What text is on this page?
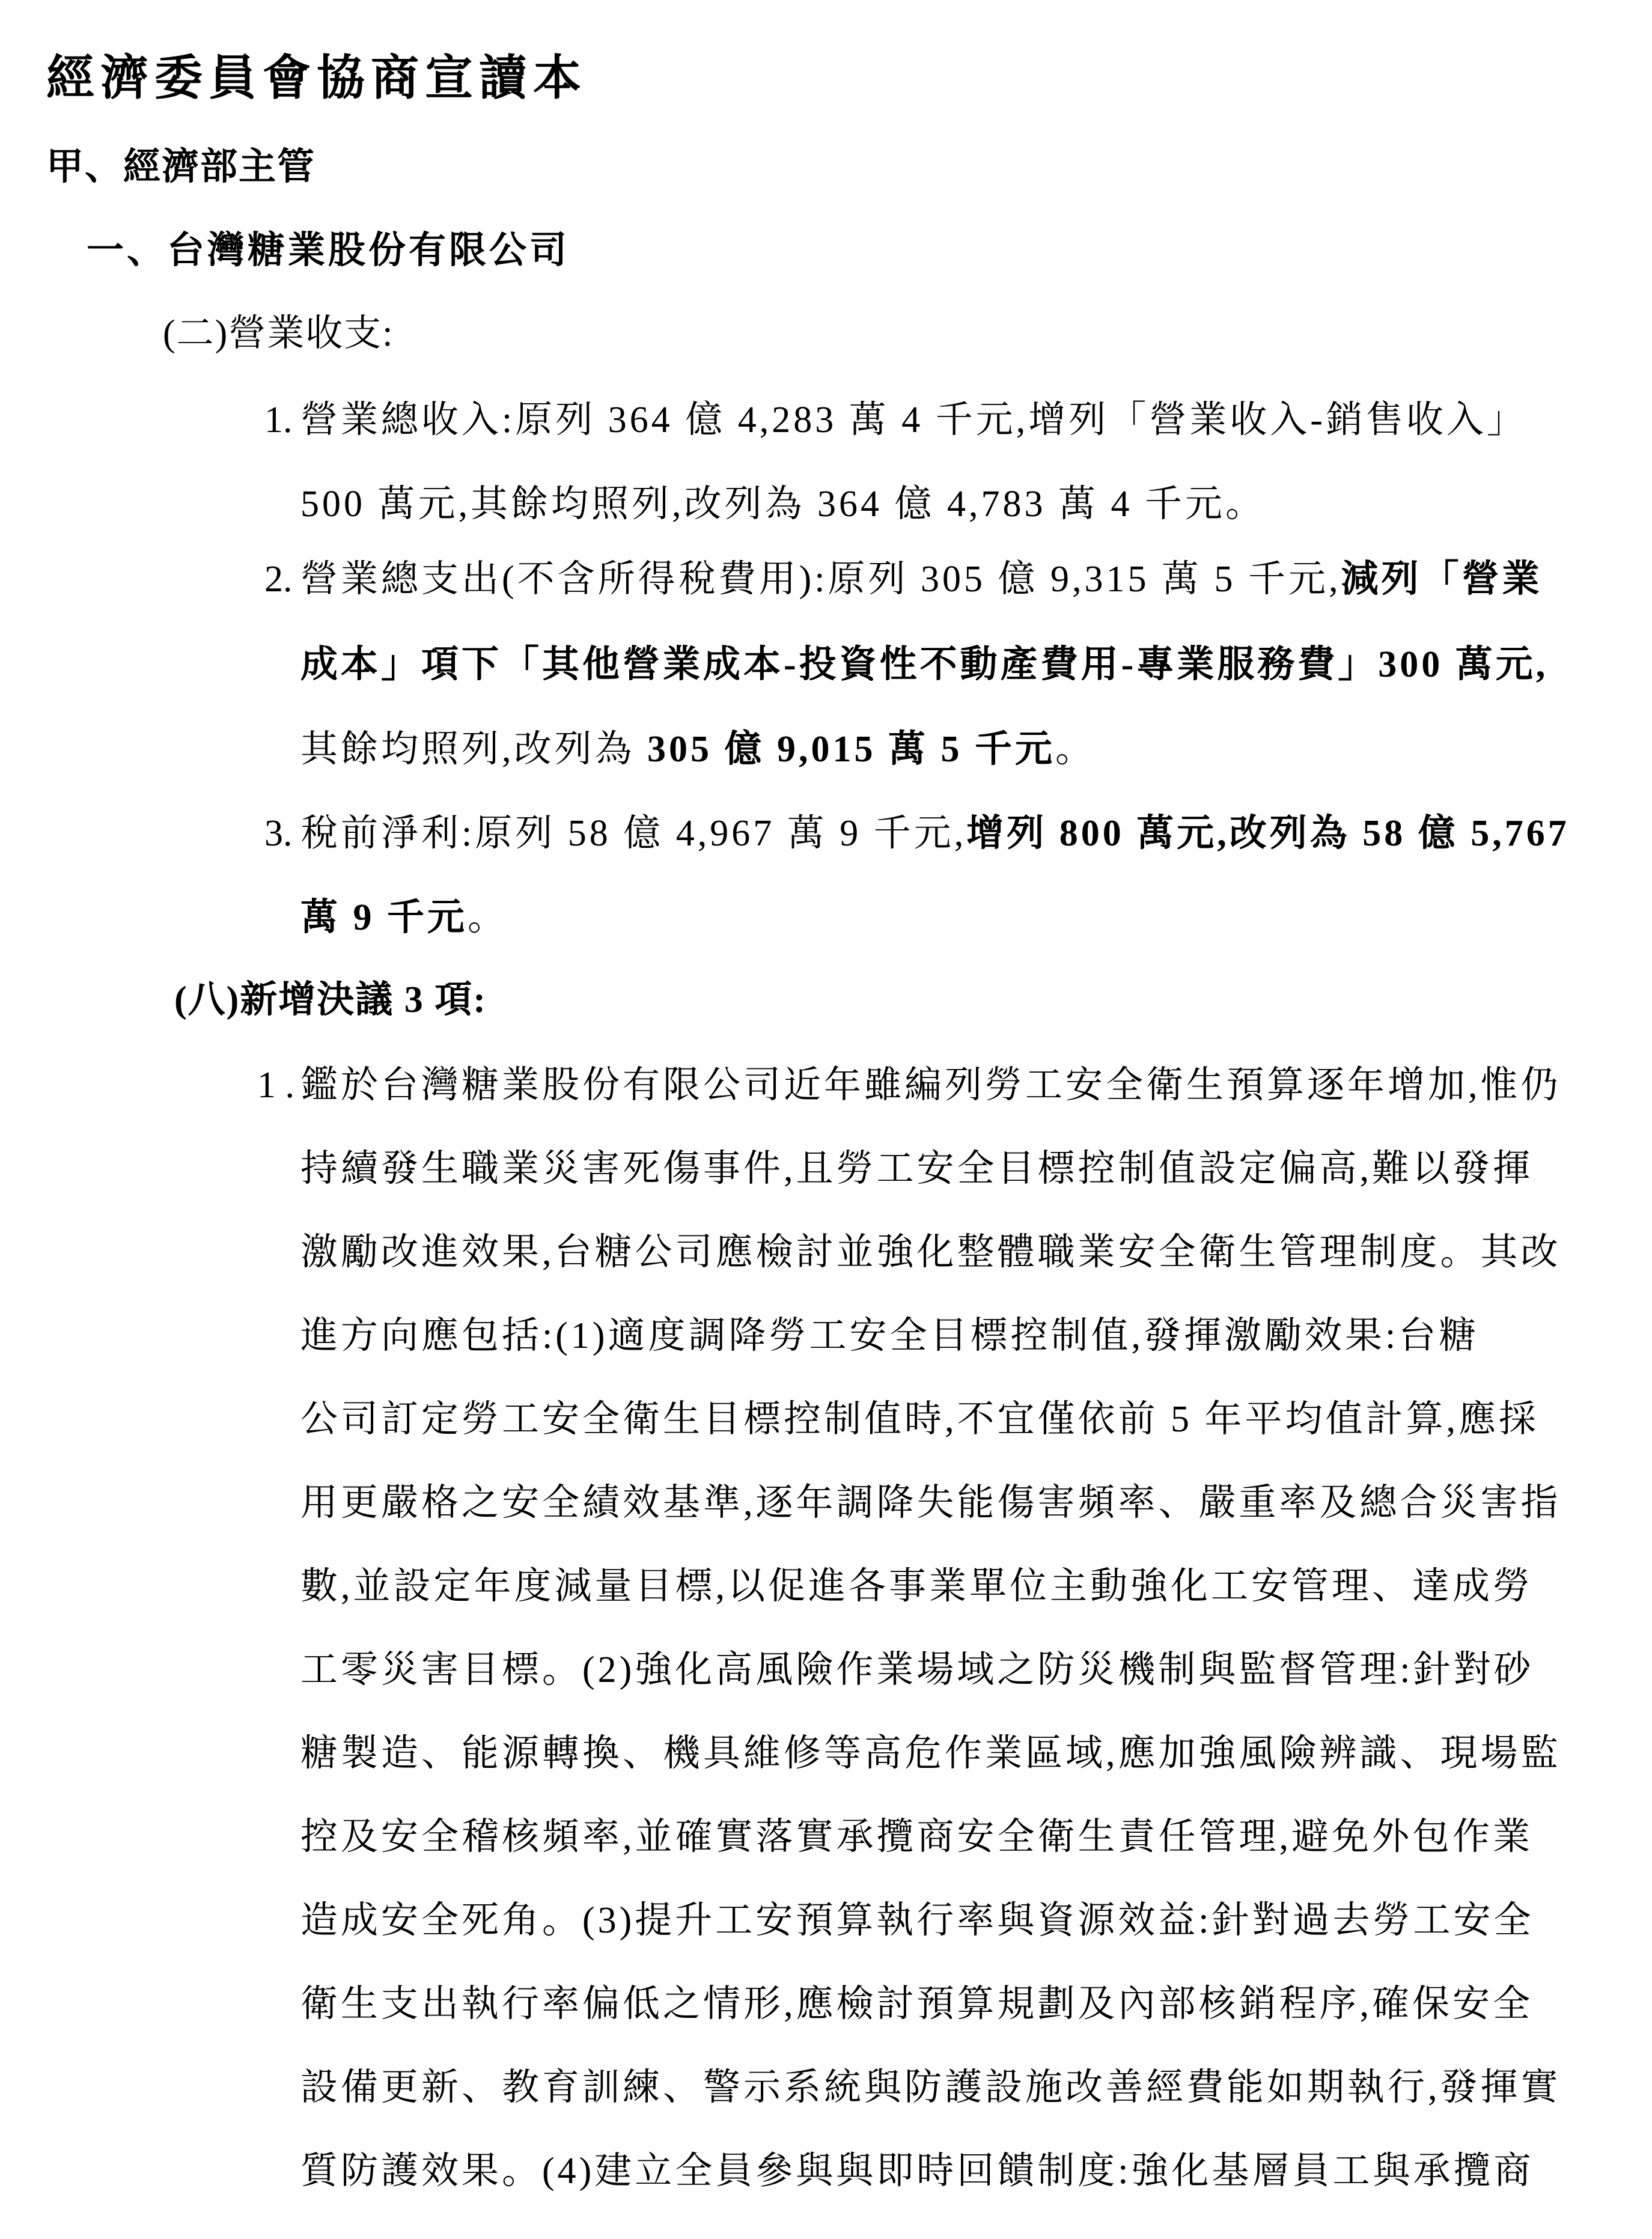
經濟委員會協商宣讀本
甲、經濟部主管
一、台灣糖業股份有限公司
(二)營業收支:
1. 營業總收入:原列 364 億 4,283 萬 4 千元,增列「營業收入-銷售收入」
500 萬元,其餘均照列,改列為 364 億 4,783 萬 4 千元。
2. 營業總支出(不含所得稅費用):原列 305 億 9,315 萬 5 千元,減列「營業
成本」項下「其他營業成本-投資性不動產費用-專業服務費」300 萬元,
其餘均照列,改列為 305 億 9,015 萬 5 千元。
3. 稅前淨利:原列 58 億 4,967 萬 9 千元,增列 800 萬元,改列為 58 億 5,767
萬 9 千元。
(八)新增決議 3 項:
1 . 鑑於台灣糖業股份有限公司近年雖編列勞工安全衛生預算逐年增加,惟仍
持續發生職業災害死傷事件,且勞工安全目標控制值設定偏高,難以發揮
激勵改進效果,台糖公司應檢討並強化整體職業安全衛生管理制度。其改
進方向應包括:(1)適度調降勞工安全目標控制值,發揮激勵效果:台糖
公司訂定勞工安全衛生目標控制值時,不宜僅依前 5 年平均值計算,應採
用更嚴格之安全績效基準,逐年調降失能傷害頻率、嚴重率及總合災害指
數,並設定年度減量目標,以促進各事業單位主動強化工安管理、達成勞
工零災害目標。(2)強化高風險作業場域之防災機制與監督管理:針對砂
糖製造、能源轉換、機具維修等高危作業區域,應加強風險辨識、現場監
控及安全稽核頻率,並確實落實承攬商安全衛生責任管理,避免外包作業
造成安全死角。(3)提升工安預算執行率與資源效益:針對過去勞工安全
衛生支出執行率偏低之情形,應檢討預算規劃及內部核銷程序,確保安全
設備更新、教育訓練、警示系統與防護設施改善經費能如期執行,發揮實
質防護效果。(4)建立全員參與與即時回饋制度:強化基層員工與承攬商
